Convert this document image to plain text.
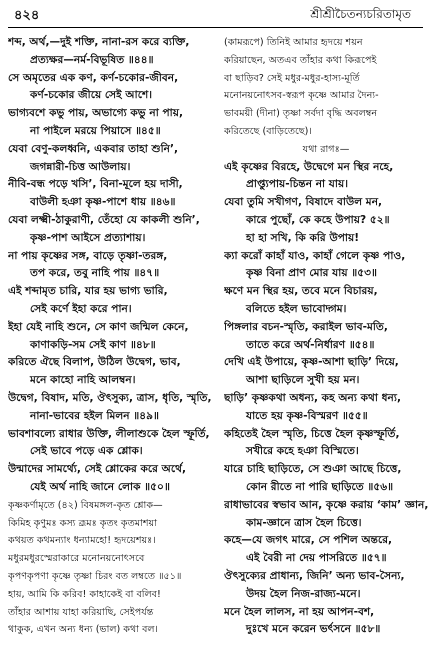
৪২৪	শ্রীশ্রীচৈতন্যচরিতামৃত
শব্দ, অর্থ,—দুই শক্তি, নানা-রস করে ব্যক্তি,
প্রত্যক্ষর—নর্ম-বিভূষিত ॥৪৪॥
সে অমৃতের এক কণ, কর্ণ-চকোর-জীবন,
কর্ণ-চকোর জীয়ে সেই আশে।
ভাগ্যবশে কভু পায়, অভাগ্যে কভু না পায়,
না পাইলে মরয়ে পিয়াসে ॥৪৫॥
যেবা বেণু-কলধ্বনি, একবার তাহা শুনি’,
জগন্নারী-চিত্ত আউলায়।
নীবি-বন্ধ পড়ে খসি’, বিনা-মূলে হয় দাসী,
বাউলী হঞা কৃষ্ণ-পাশে ধায় ॥৪৬॥
যেবা লক্ষ্মী-ঠাকুরাণী, তেঁহো যে কাকলী শুনি’,
কৃষ্ণ-পাশ আইসে প্রত্যাশায়।
না পায় কৃষ্ণের সঙ্গ, বাড়ে তৃষ্ণা-তরঙ্গ,
তপ করে, তবু নাহি পায় ॥৪৭॥
এই শব্দামৃত চারি, যার হয় ভাগ্য ভারি,
সেই কর্ণে ইহা করে পান।
ইহা যেই নাহি শুনে, সে কাণ জন্মিল কেনে,
কাণাকড়ি-সম সেই কাণ ॥৪৮॥
করিতে ঐছে বিলাপ, উঠিল উদ্বেগ, ভাব,
মনে কাহো নাহি আলম্বন।
উদ্বেগ, বিষাদ, মতি, ঔৎসুক্য, ত্রাস, ধৃতি, স্মৃতি,
নানা-ভাবের হইল মিলন ॥৪৯॥
ভাবশাবল্যে রাধার উক্তি, লীলাশুকে হৈল স্ফূর্তি,
সেই ভাবে পড়ে এক শ্লোক।
উন্মাদের সামর্থ্যে, সেই শ্লোকের করে অর্থে,
যেই অর্থ নাহি জানে লোক ॥৫০॥
কৃষ্ণকর্ণামৃতে (৪২) বিষমঙ্গল-কৃত শ্লোক—
কিমিহ কৃণুমঃ কস্য ব্রূমঃ কৃতং কৃতমাশয়া
কথয়ত কথমন্যাং ধন্যামহো! হৃদয়েশয়ঃ।
মধুরমধুরস্মেরাকারে মনোনয়নোৎসবে
কৃপণকৃপণা কৃষ্ণে তৃষ্ণা চিরং বত লম্বতে ॥৫১॥
হায়, আমি কি করিব! কাহাকেই বা বলিব!
তাঁহার আশায় যাহা করিয়াছি, সেইপর্যন্ত
থাকুক, এখন অন্য ধন্য (ভাল) কথা বল।
(কামরূপে) তিনিই আমার হৃদয়ে শয়ন
করিয়াছেন, অতএব তাঁহার কথা কিরূপেই
বা ছাড়িব? সেই মধুর-মধুর-হাস্য-মূর্তি
মনোনয়নোৎসব-স্বরূপ কৃষ্ণে আমার দৈন্য-
ভাবময়ী (দীনা) তৃষ্ণা সর্বদা বৃদ্ধি অবলম্বন
করিতেছে (বাড়িতেছে)।
যথা রাগঃ—
এই কৃষ্ণের বিরহে, উদ্বেগে মন স্থির নহে,
প্রাপ্ত্যুপায়-চিন্তন না যায়।
যেবা তুমি সখীগণ, বিষাদে বাউল মন,
কারে পুছোঁ, কে কহে উপায়? ৫২॥
হা হা সখি, কি করি উপায়!
ক্যা করোঁ কাহাঁ যাও, কাহাঁ গেলে কৃষ্ণ পাও,
কৃষ্ণ বিনা প্রাণ মোর যায় ॥৫৩॥
ক্ষণে মন স্থির হয়, তবে মনে বিচারয়,
বলিতে হইল ভাবোদ্গম।
পিঙ্গলার বচন-স্মৃতি, করাইল ভাব-মতি,
তাতে করে অর্থ-নির্ধারণ ॥৫৪॥
দেখি এই উপায়ে, কৃষ্ণ-আশা ছাড়ি’ দিয়ে,
আশা ছাড়িলে সুখী হয় মন।
ছাড়ি’ কৃষ্ণকথা অধন্য, কহ অন্য কথা ধন্য,
যাতে হয় কৃষ্ণ-বিস্মরণ ॥৫৫॥
কহিতেই হৈল স্মৃতি, চিত্তে হৈল কৃষ্ণস্ফূর্তি,
সখীরে কহে হঞা বিস্মিতে।
যারে চাহি ছাড়িতে, সে শুঞা আছে চিত্তে,
কোন রীতে না পারি ছাড়িতে ॥৫৬॥
রাধাভাবের স্বভাব আন, কৃষ্ণে করায় ‘কাম’ জ্ঞান,
কাম-জ্ঞানে ত্রাস হৈল চিত্তে।
কহে—যে জগৎ মারে, সে পশিল অন্তরে,
এই বৈরী না দেয় পাসরিতে ॥৫৭॥
ঔৎসুক্যের প্রাধান্য, জিনি’ অন্য ভাব-সৈন্য,
উদয় হৈল নিজ-রাজ্য-মনে।
মনে হৈল লালস, না হয় আপন-বশ,
দুঃখে মনে করেন ভর্ৎসনে ॥৫৮॥
